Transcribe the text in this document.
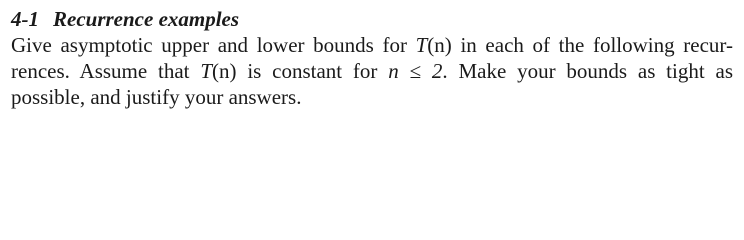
4-1 Recurrence examples
Give asymptotic upper and lower bounds for T(n) in each of the following recur-
rences. Assume that T(n) is constant for n ≤ 2. Make your bounds as tight as
possible, and justify your answers.
